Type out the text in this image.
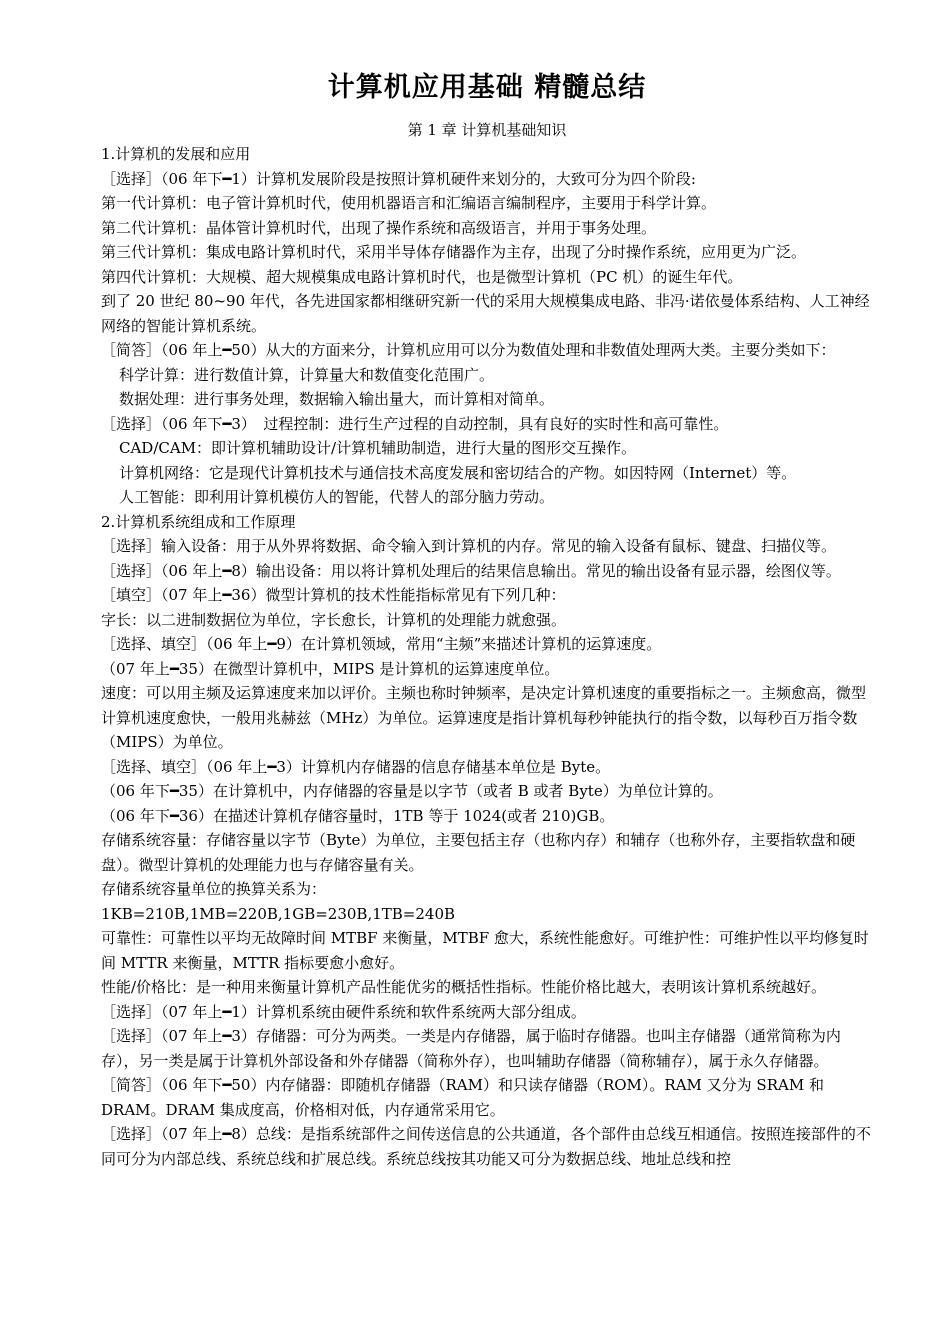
计算机应用基础 精髓总结

第 1 章 计算机基础知识

1.计算机的发展和应用

［选择］（06 年下━1）计算机发展阶段是按照计算机硬件来划分的，大致可分为四个阶段:

第一代计算机：电子管计算机时代，使用机器语言和汇编语言编制程序，主要用于科学计算。

第二代计算机：晶体管计算机时代，出现了操作系统和高级语言，并用于事务处理。

第三代计算机：集成电路计算机时代，采用半导体存储器作为主存，出现了分时操作系统，应用更为广泛。

第四代计算机：大规模、超大规模集成电路计算机时代，也是微型计算机（PC 机）的诞生年代。

到了 20 世纪 80~90 年代，各先进国家都相继研究新一代的采用大规模集成电路、非冯·诺依曼体系结构、人工神经网络的智能计算机系统。

［简答］（06 年上━50）从大的方面来分，计算机应用可以分为数值处理和非数值处理两大类。主要分类如下：

科学计算：进行数值计算，计算量大和数值变化范围广。

数据处理：进行事务处理，数据输入输出量大，而计算相对简单。

［选择］（06 年下━3）　过程控制：进行生产过程的自动控制，具有良好的实时性和高可靠性。

CAD/CAM：即计算机辅助设计/计算机辅助制造，进行大量的图形交互操作。

计算机网络：它是现代计算机技术与通信技术高度发展和密切结合的产物。如因特网（Internet）等。

人工智能：即利用计算机模仿人的智能，代替人的部分脑力劳动。

2.计算机系统组成和工作原理

［选择］输入设备：用于从外界将数据、命令输入到计算机的内存。常见的输入设备有鼠标、键盘、扫描仪等。

［选择］（06 年上━8）输出设备：用以将计算机处理后的结果信息输出。常见的输出设备有显示器，绘图仪等。

［填空］（07 年上━36）微型计算机的技术性能指标常见有下列几种：

字长：以二进制数据位为单位，字长愈长，计算机的处理能力就愈强。

［选择、填空］（06 年上━9）在计算机领域，常用“主频”来描述计算机的运算速度。

（07 年上━35）在微型计算机中，MIPS 是计算机的运算速度单位。

速度：可以用主频及运算速度来加以评价。主频也称时钟频率，是决定计算机速度的重要指标之一。主频愈高，微型计算机速度愈快，一般用兆赫兹（MHz）为单位。运算速度是指计算机每秒钟能执行的指令数，以每秒百万指令数（MIPS）为单位。

［选择、填空］（06 年上━3）计算机内存储器的信息存储基本单位是 Byte。

（06 年下━35）在计算机中，内存储器的容量是以字节（或者 B 或者 Byte）为单位计算的。

（06 年下━36）在描述计算机存储容量时，1TB 等于 1024(或者 210)GB。

存储系统容量：存储容量以字节（Byte）为单位，主要包括主存（也称内存）和辅存（也称外存，主要指软盘和硬盘）。微型计算机的处理能力也与存储容量有关。

存储系统容量单位的换算关系为：

1KB=210B,1MB=220B,1GB=230B,1TB=240B

可靠性：可靠性以平均无故障时间 MTBF 来衡量，MTBF 愈大，系统性能愈好。可维护性：可维护性以平均修复时间 MTTR 来衡量，MTTR 指标要愈小愈好。

性能/价格比：是一种用来衡量计算机产品性能优劣的概括性指标。性能价格比越大，表明该计算机系统越好。

［选择］（07 年上━1）计算机系统由硬件系统和软件系统两大部分组成。

［选择］（07 年上━3）存储器：可分为两类。一类是内存储器，属于临时存储器。也叫主存储器（通常简称为内存），另一类是属于计算机外部设备和外存储器（简称外存），也叫辅助存储器（简称辅存），属于永久存储器。

［简答］（06 年下━50）内存储器：即随机存储器（RAM）和只读存储器（ROM）。RAM 又分为 SRAM 和 DRAM。DRAM 集成度高，价格相对低，内存通常采用它。

［选择］（07 年上━8）总线：是指系统部件之间传送信息的公共通道，各个部件由总线互相通信。按照连接部件的不同可分为内部总线、系统总线和扩展总线。系统总线按其功能又可分为数据总线、地址总线和控
